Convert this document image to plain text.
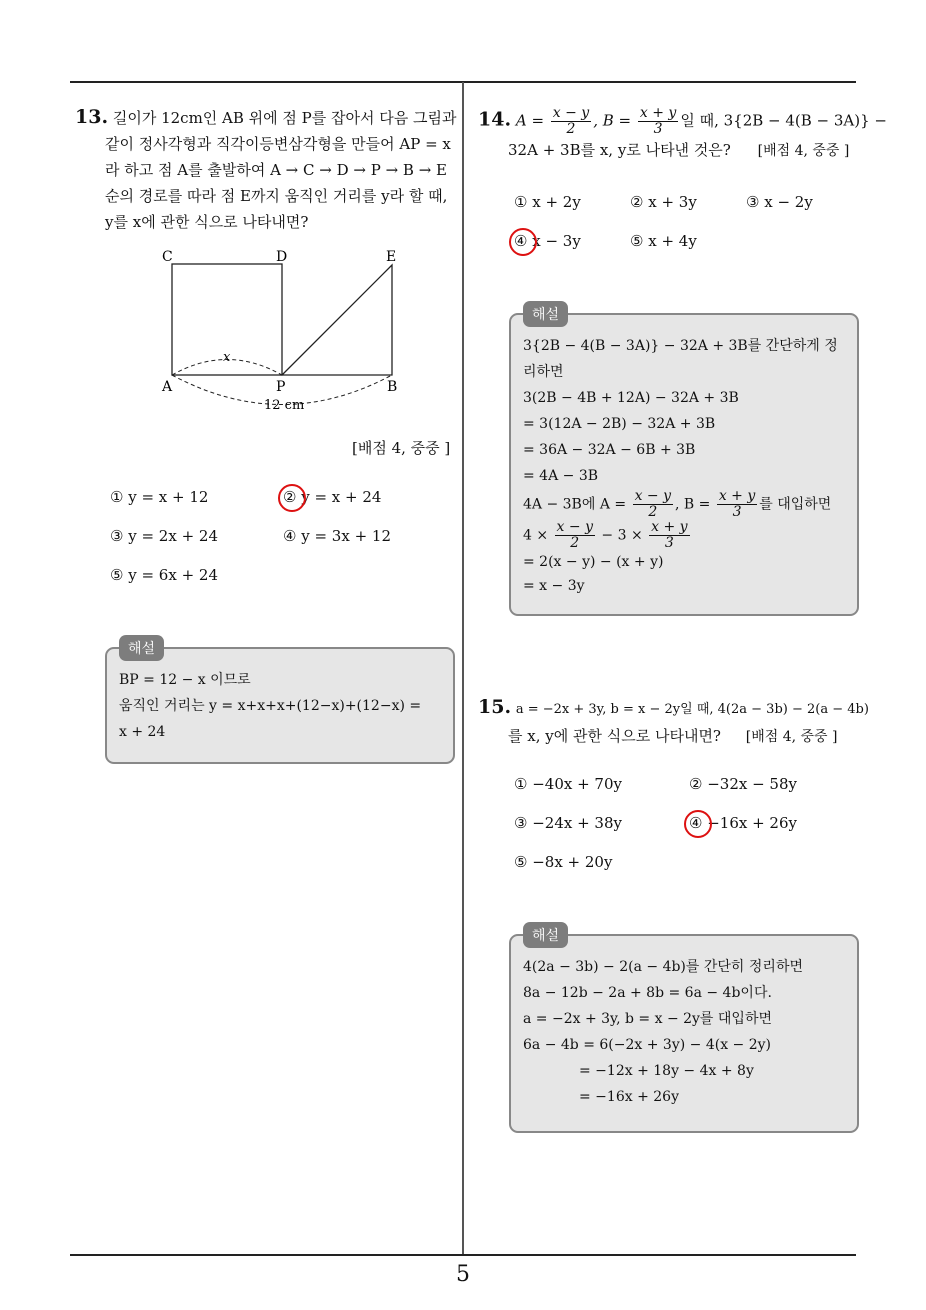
5
13. 길이가 12cm인 AB 위에 점 P를 잡아서 다음 그림과
같이 정사각형과 직각이등변삼각형을 만들어 AP = x
라 하고 점 A를 출발하여 A → C → D → P → B → E
순의 경로를 따라 점 E까지 움직인 거리를 y라 할 때,
y를 x에 관한 식으로 나타내면?
C	D	E
A	P	B
x
12 cm
[배점 4, 중중 ]
① y = x + 12	② y = x + 24
③ y = 2x + 24	④ y = 3x + 12
⑤ y = 6x + 24
해설
BP = 12 − x 이므로
움직인 거리는 y = x+x+x+(12−x)+(12−x) =
x + 24
14. $A = \frac{x - y}{2}$ , $B = \frac{x + y}{3}$ 일 때, 3{2B − 4(B − 3A)} −
32A + 3B를 x, y로 나타낸 것은? [배점 4, 중중 ]
① x + 2y	② x + 3y	③ x − 2y
④ x − 3y	⑤ x + 4y
해설
3{2B − 4(B − 3A)} − 32A + 3B를 간단하게 정
리하면
3(2B − 4B + 12A) − 32A + 3B
= 3(12A − 2B) − 32A + 3B
= 36A − 32A − 6B + 3B
= 4A − 3B
4A − 3B에 $A = \frac{x - y}{2}$ , $B = \frac{x + y}{3}$ 를 대입하면
$4 \times \frac{x - y}{2} - 3 \times \frac{x + y}{3}$
= 2(x − y) − (x + y)
= x − 3y
15. a = −2x + 3y, b = x − 2y일 때, 4(2a − 3b) − 2(a − 4b)
를 x, y에 관한 식으로 나타내면? [배점 4, 중중 ]
① −40x + 70y	② −32x − 58y
③ −24x + 38y	④ −16x + 26y
⑤ −8x + 20y
해설
4(2a − 3b) − 2(a − 4b)를 간단히 정리하면
8a − 12b − 2a + 8b = 6a − 4b이다.
a = −2x + 3y, b = x − 2y를 대입하면
6a − 4b = 6(−2x + 3y) − 4(x − 2y)
= −12x + 18y − 4x + 8y
= −16x + 26y
